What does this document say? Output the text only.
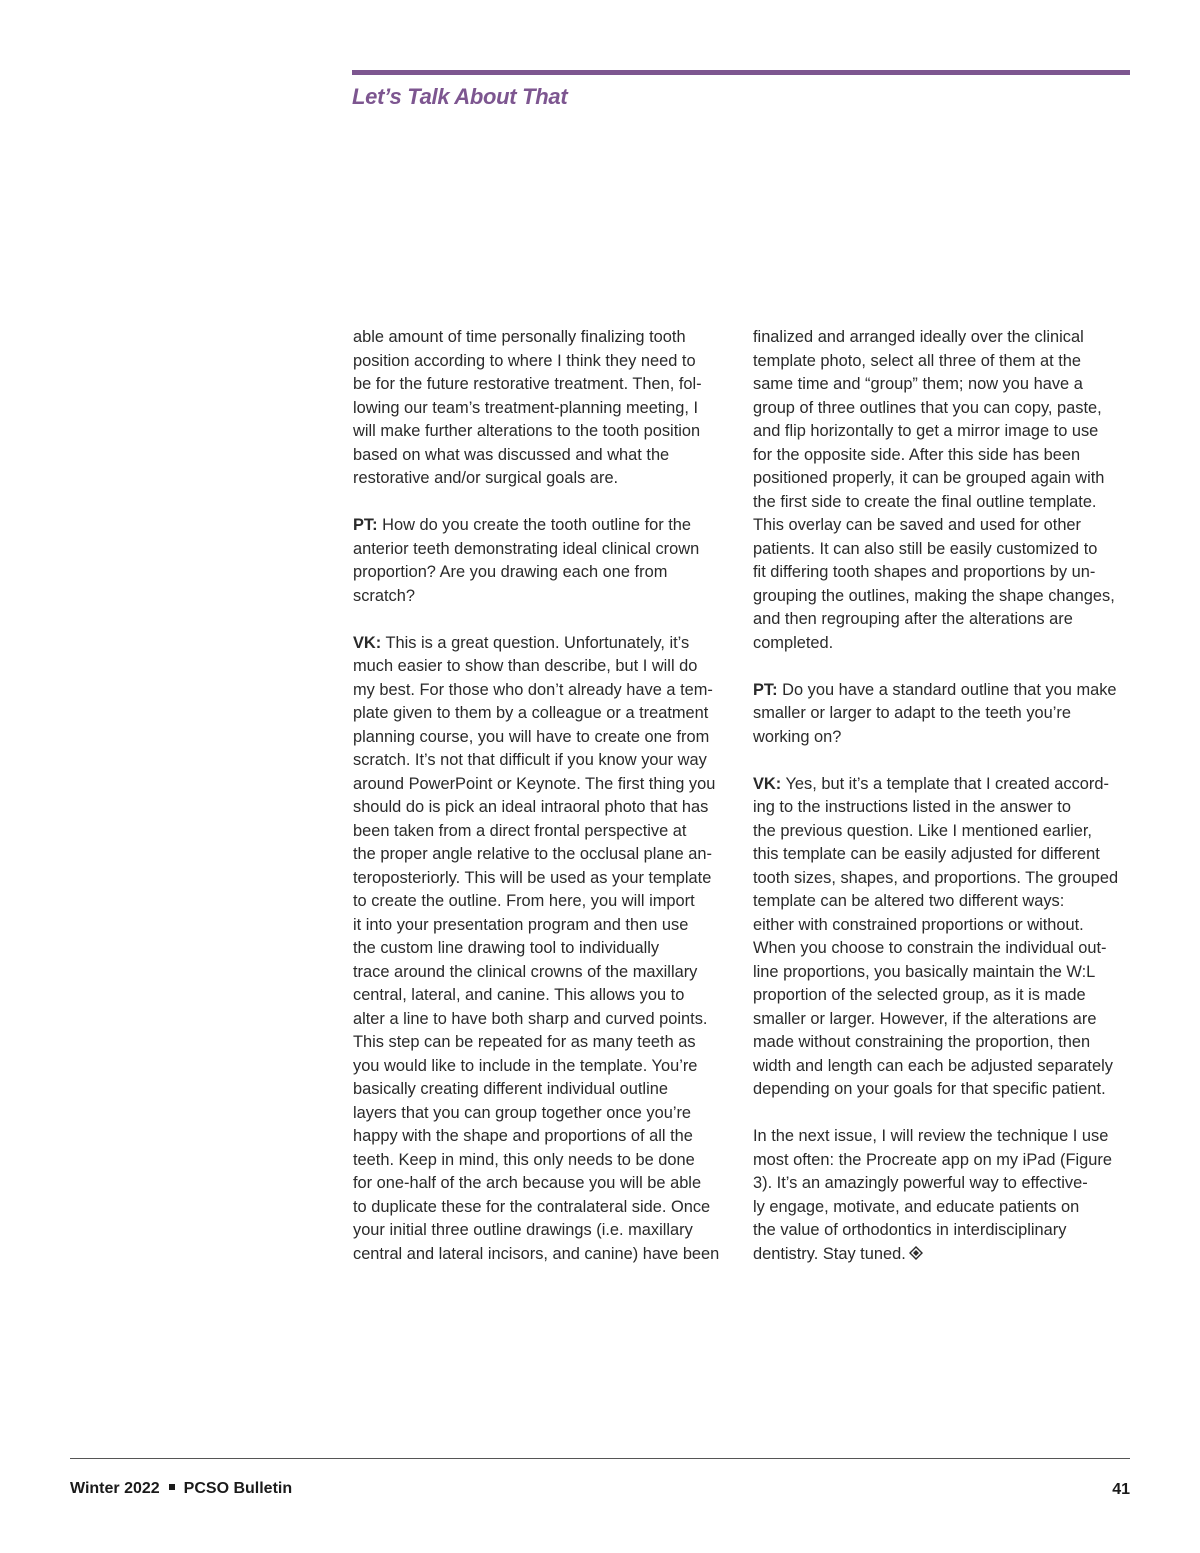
Let’s Talk About That
able amount of time personally finalizing tooth
position according to where I think they need to
be for the future restorative treatment. Then, fol-
lowing our team’s treatment-planning meeting, I
will make further alterations to the tooth position
based on what was discussed and what the
restorative and/or surgical goals are.
PT: How do you create the tooth outline for the
anterior teeth demonstrating ideal clinical crown
proportion? Are you drawing each one from
scratch?
VK: This is a great question. Unfortunately, it’s
much easier to show than describe, but I will do
my best. For those who don’t already have a tem-
plate given to them by a colleague or a treatment
planning course, you will have to create one from
scratch. It’s not that difficult if you know your way
around PowerPoint or Keynote. The first thing you
should do is pick an ideal intraoral photo that has
been taken from a direct frontal perspective at
the proper angle relative to the occlusal plane an-
teroposteriorly. This will be used as your template
to create the outline. From here, you will import
it into your presentation program and then use
the custom line drawing tool to individually
trace around the clinical crowns of the maxillary
central, lateral, and canine. This allows you to
alter a line to have both sharp and curved points.
This step can be repeated for as many teeth as
you would like to include in the template. You’re
basically creating different individual outline
layers that you can group together once you’re
happy with the shape and proportions of all the
teeth. Keep in mind, this only needs to be done
for one-half of the arch because you will be able
to duplicate these for the contralateral side. Once
your initial three outline drawings (i.e. maxillary
central and lateral incisors, and canine) have been
finalized and arranged ideally over the clinical
template photo, select all three of them at the
same time and “group” them; now you have a
group of three outlines that you can copy, paste,
and flip horizontally to get a mirror image to use
for the opposite side. After this side has been
positioned properly, it can be grouped again with
the first side to create the final outline template.
This overlay can be saved and used for other
patients. It can also still be easily customized to
fit differing tooth shapes and proportions by un-
grouping the outlines, making the shape changes,
and then regrouping after the alterations are
completed.
PT: Do you have a standard outline that you make
smaller or larger to adapt to the teeth you’re
working on?
VK: Yes, but it’s a template that I created accord-
ing to the instructions listed in the answer to
the previous question. Like I mentioned earlier,
this template can be easily adjusted for different
tooth sizes, shapes, and proportions. The grouped
template can be altered two different ways:
either with constrained proportions or without.
When you choose to constrain the individual out-
line proportions, you basically maintain the W:L
proportion of the selected group, as it is made
smaller or larger. However, if the alterations are
made without constraining the proportion, then
width and length can each be adjusted separately
depending on your goals for that specific patient.
In the next issue, I will review the technique I use
most often: the Procreate app on my iPad (Figure
3). It’s an amazingly powerful way to effective-
ly engage, motivate, and educate patients on
the value of orthodontics in interdisciplinary
dentistry. Stay tuned.
Winter 2022 PCSO Bulletin	41
